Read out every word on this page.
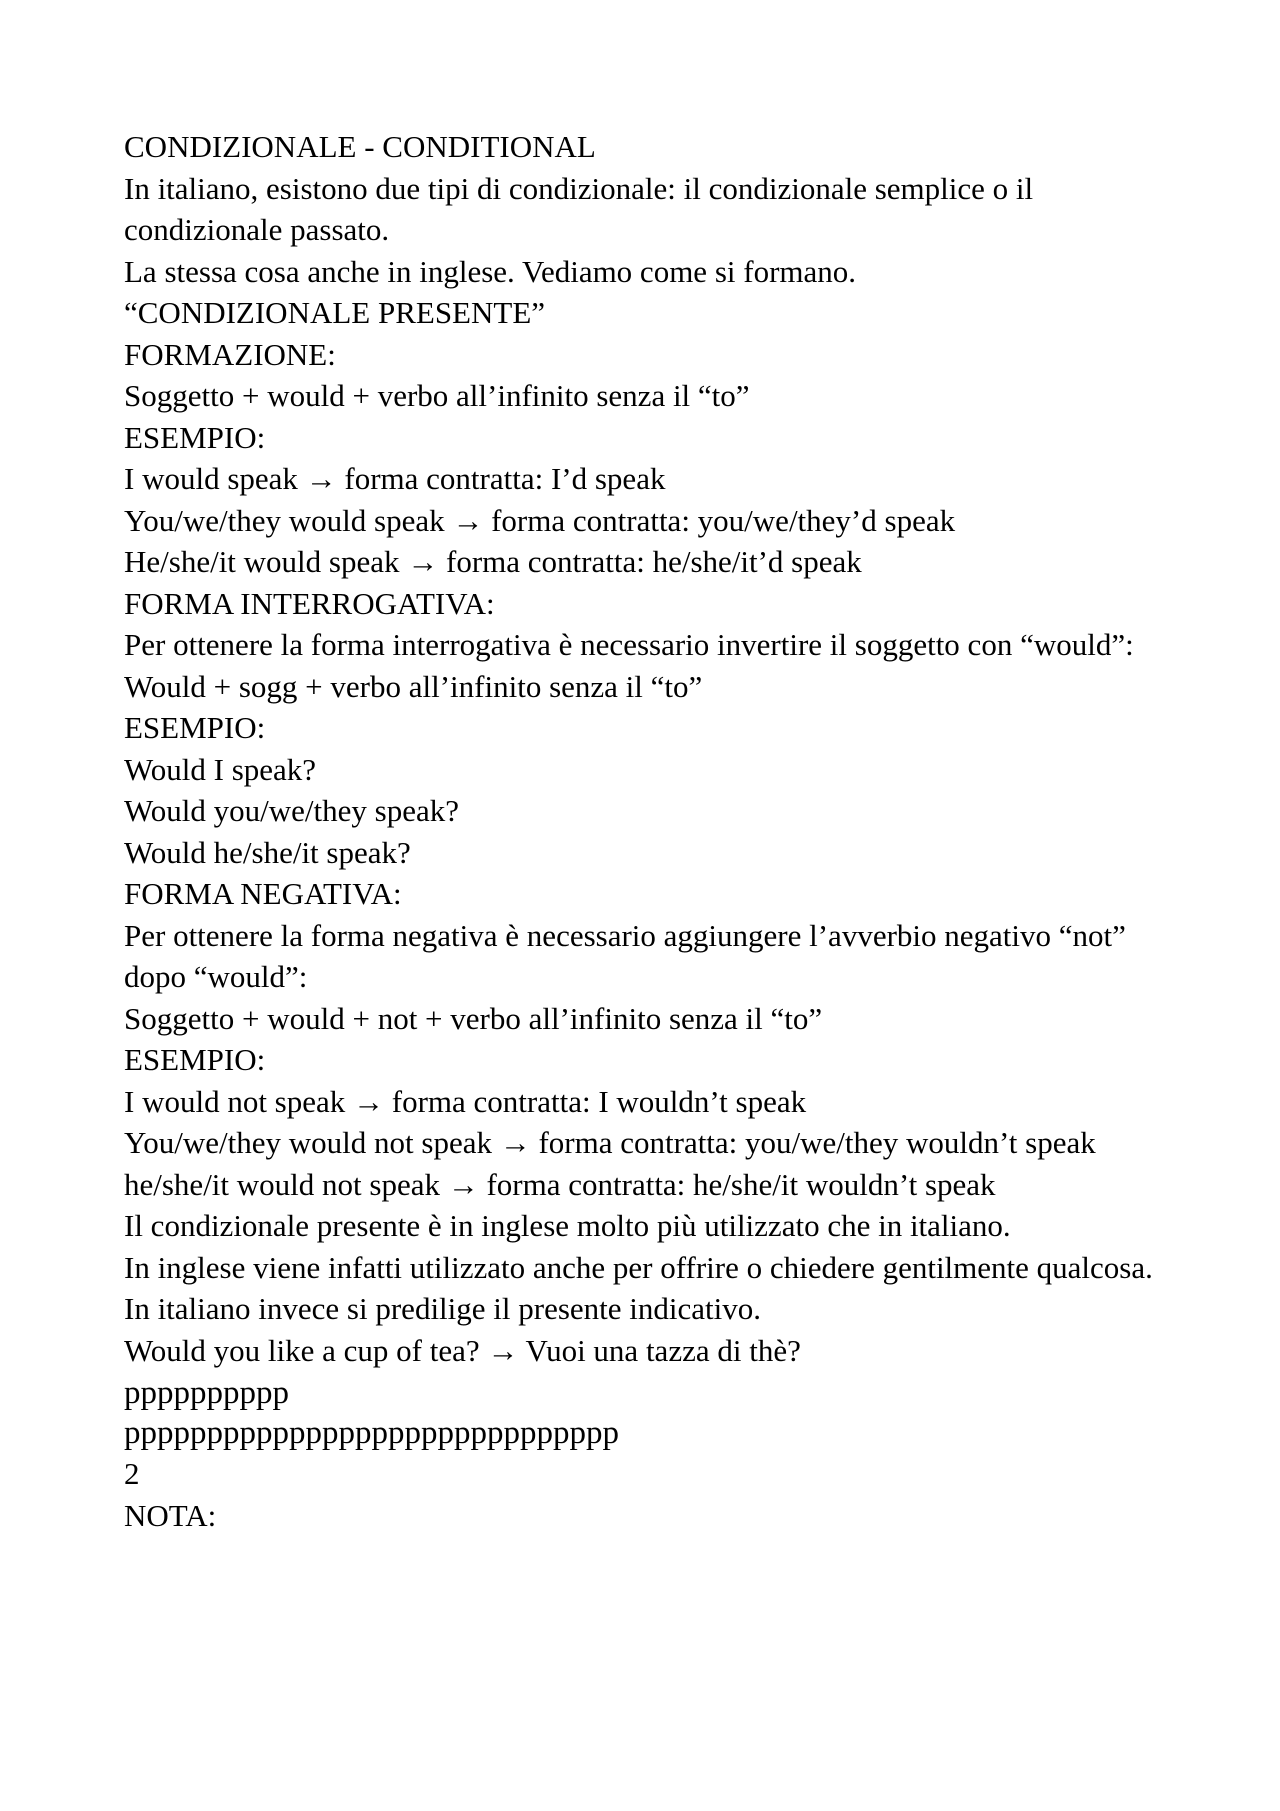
CONDIZIONALE - CONDITIONAL

In italiano, esistono due tipi di condizionale: il condizionale semplice o il condizionale passato.

La stessa cosa anche in inglese. Vediamo come si formano.

“CONDIZIONALE PRESENTE”

FORMAZIONE:

Soggetto + would + verbo all’infinito senza il “to”

ESEMPIO:

I would speak → forma contratta: I’d speak

You/we/they would speak → forma contratta: you/we/they’d speak

He/she/it would speak → forma contratta: he/she/it’d speak

FORMA INTERROGATIVA:

Per ottenere la forma interrogativa è necessario invertire il soggetto con “would”:

Would + sogg + verbo all’infinito senza il “to”

ESEMPIO:

Would I speak?

Would you/we/they speak?

Would he/she/it speak?

FORMA NEGATIVA:

Per ottenere la forma negativa è necessario aggiungere l’avverbio negativo “not”

dopo “would”:

Soggetto + would + not + verbo all’infinito senza il “to”

ESEMPIO:

I would not speak → forma contratta: I wouldn’t speak

You/we/they would not speak → forma contratta: you/we/they wouldn’t speak

he/she/it would not speak → forma contratta: he/she/it wouldn’t speak

Il condizionale presente è in inglese molto più utilizzato che in italiano.

In inglese viene infatti utilizzato anche per offrire o chiedere gentilmente qualcosa. In italiano invece si predilige il presente indicativo.

Would you like a cup of tea? → Vuoi una tazza di thè?

pppppppppp

pppppppppppppppppppppppppppppp

2

NOTA:
